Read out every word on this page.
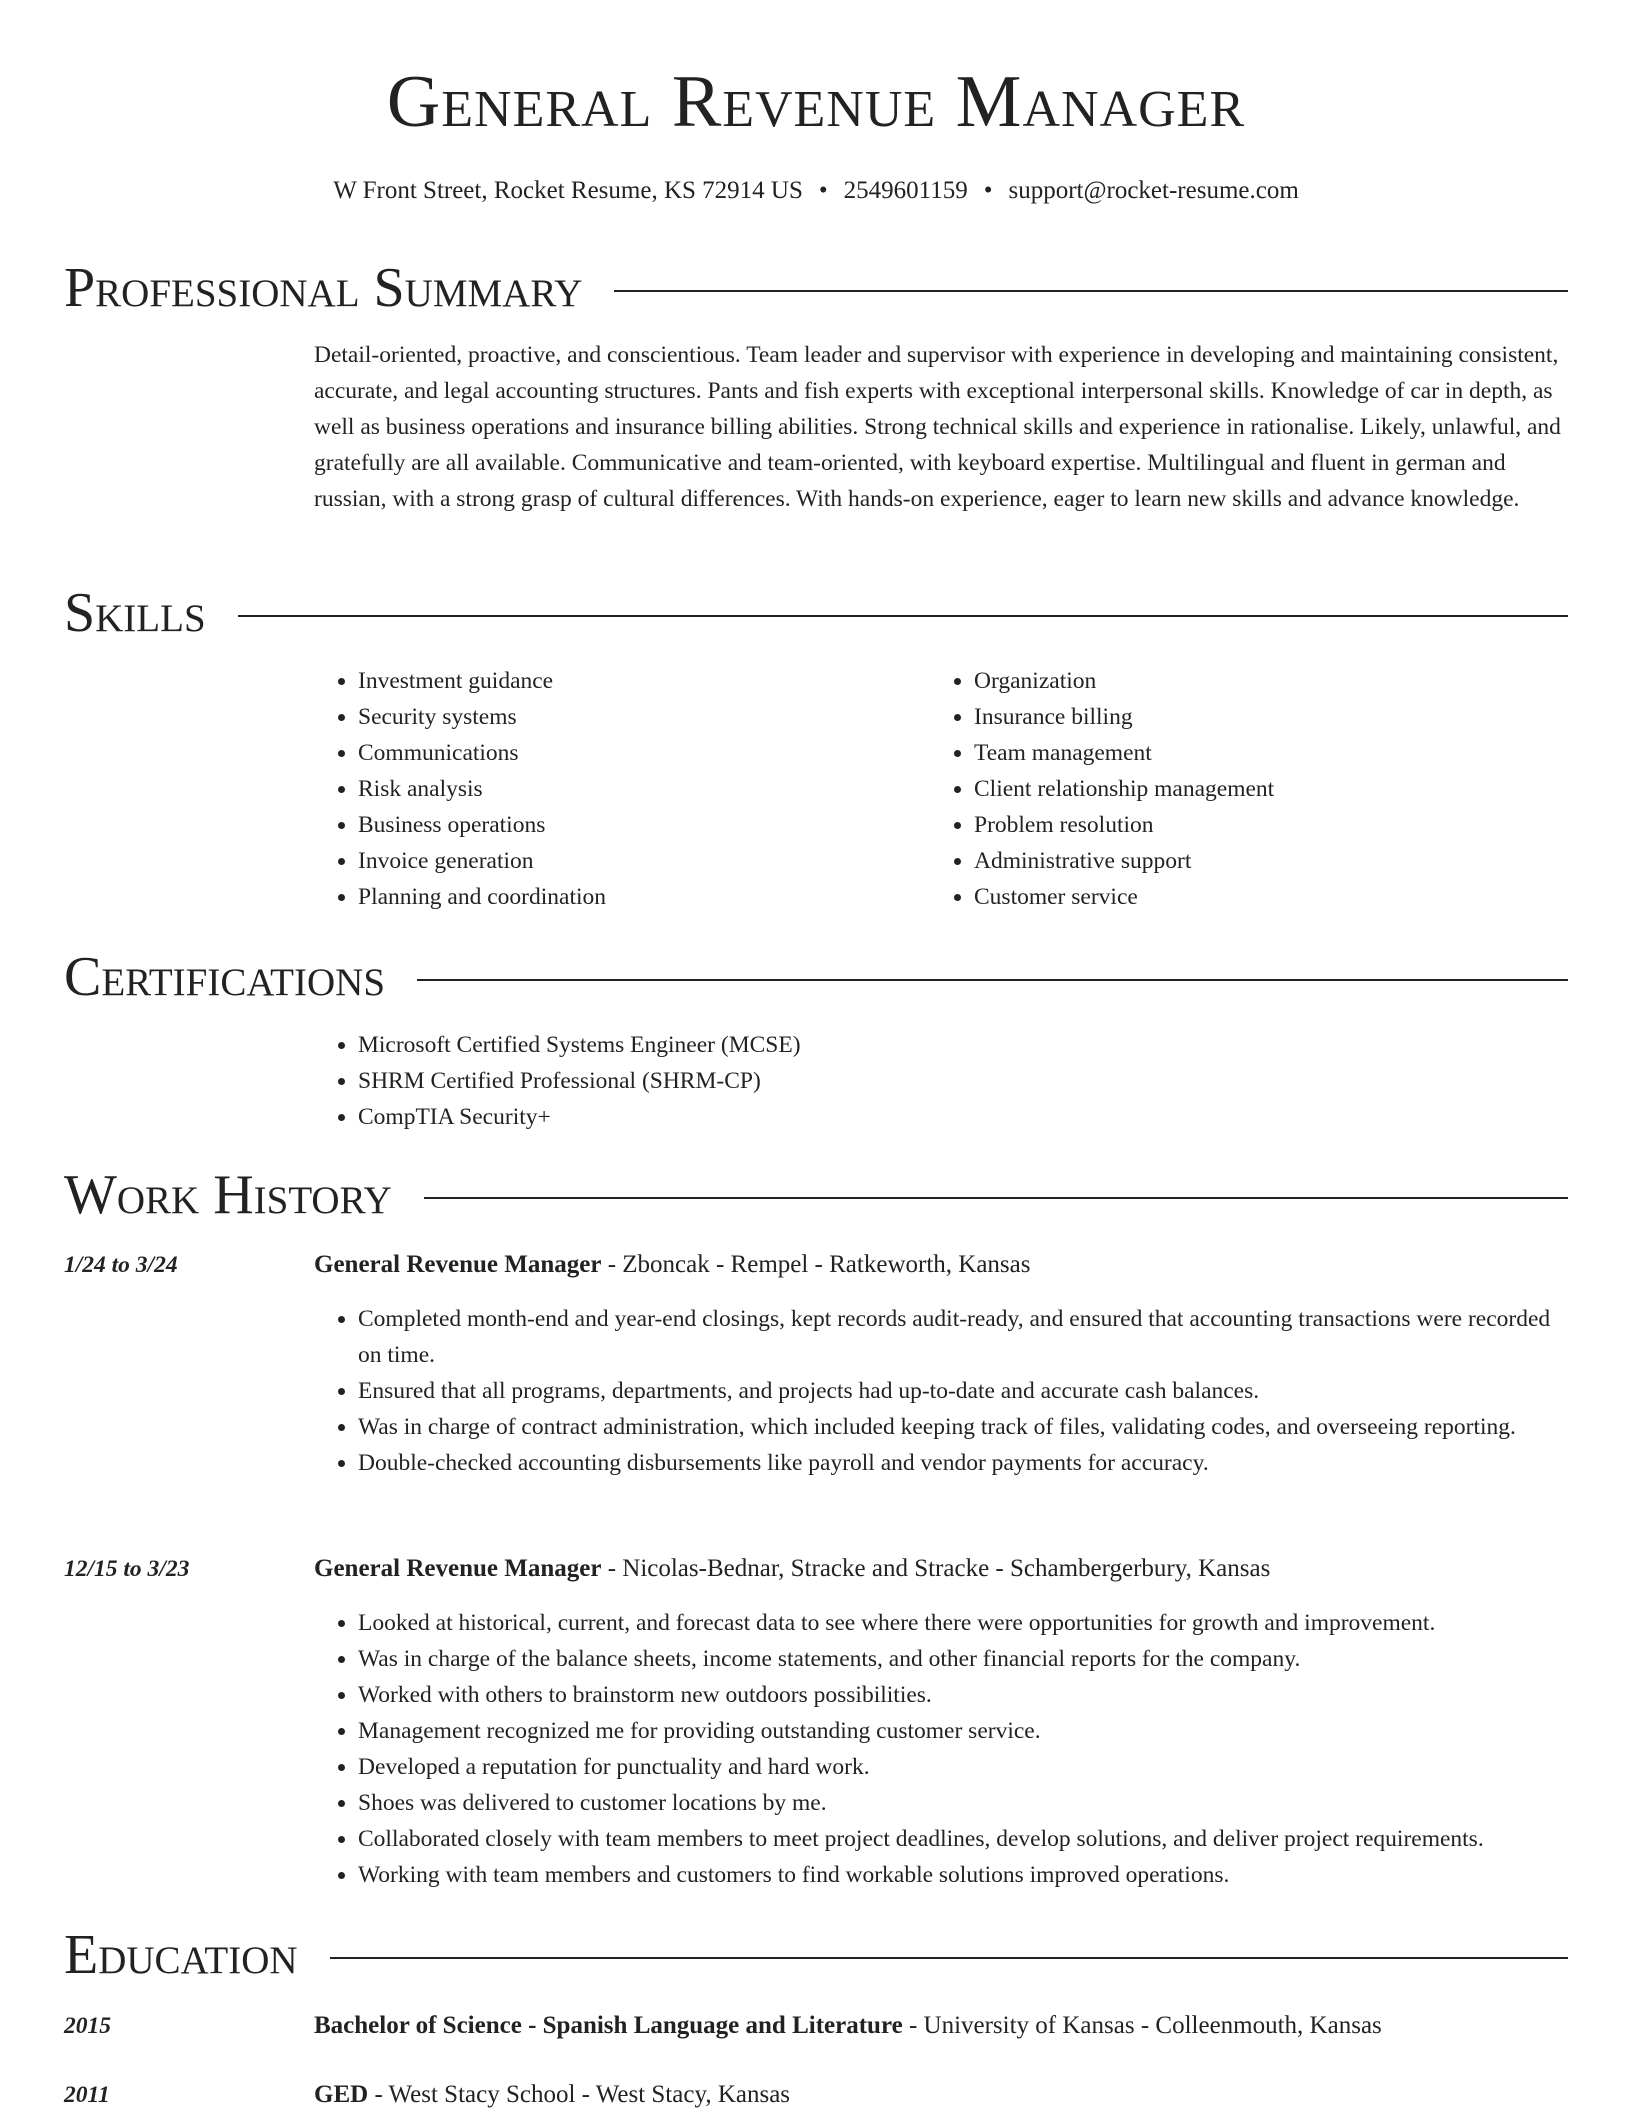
General Revenue Manager
W Front Street, Rocket Resume, KS 72914 US • 2549601159 • support@rocket-resume.com
Professional Summary

Detail-oriented, proactive, and conscientious. Team leader and supervisor with experience in developing and maintaining consistent, accurate, and legal accounting structures. Pants and fish experts with exceptional interpersonal skills. Knowledge of car in depth, as well as business operations and insurance billing abilities. Strong technical skills and experience in rationalise. Likely, unlawful, and gratefully are all available. Communicative and team-oriented, with keyboard expertise. Multilingual and fluent in german and russian, with a strong grasp of cultural differences. With hands-on experience, eager to learn new skills and advance knowledge.

Skills
• Investment guidance
• Security systems
• Communications
• Risk analysis
• Business operations
• Invoice generation
• Planning and coordination
• Organization
• Insurance billing
• Team management
• Client relationship management
• Problem resolution
• Administrative support
• Customer service
Certifications
• Microsoft Certified Systems Engineer (MCSE)
• SHRM Certified Professional (SHRM-CP)
• CompTIA Security+
Work History
1/24 to 3/24	General Revenue Manager - Zboncak - Rempel - Ratkeworth, Kansas
• Completed month-end and year-end closings, kept records audit-ready, and ensured that accounting transactions were recorded on time.
• Ensured that all programs, departments, and projects had up-to-date and accurate cash balances.
• Was in charge of contract administration, which included keeping track of files, validating codes, and overseeing reporting.
• Double-checked accounting disbursements like payroll and vendor payments for accuracy.
12/15 to 3/23	General Revenue Manager - Nicolas-Bednar, Stracke and Stracke - Schambergerbury, Kansas
• Looked at historical, current, and forecast data to see where there were opportunities for growth and improvement.
• Was in charge of the balance sheets, income statements, and other financial reports for the company.
• Worked with others to brainstorm new outdoors possibilities.
• Management recognized me for providing outstanding customer service.
• Developed a reputation for punctuality and hard work.
• Shoes was delivered to customer locations by me.
• Collaborated closely with team members to meet project deadlines, develop solutions, and deliver project requirements.
• Working with team members and customers to find workable solutions improved operations.
Education
2015	Bachelor of Science - Spanish Language and Literature - University of Kansas - Colleenmouth, Kansas
2011	GED - West Stacy School - West Stacy, Kansas
